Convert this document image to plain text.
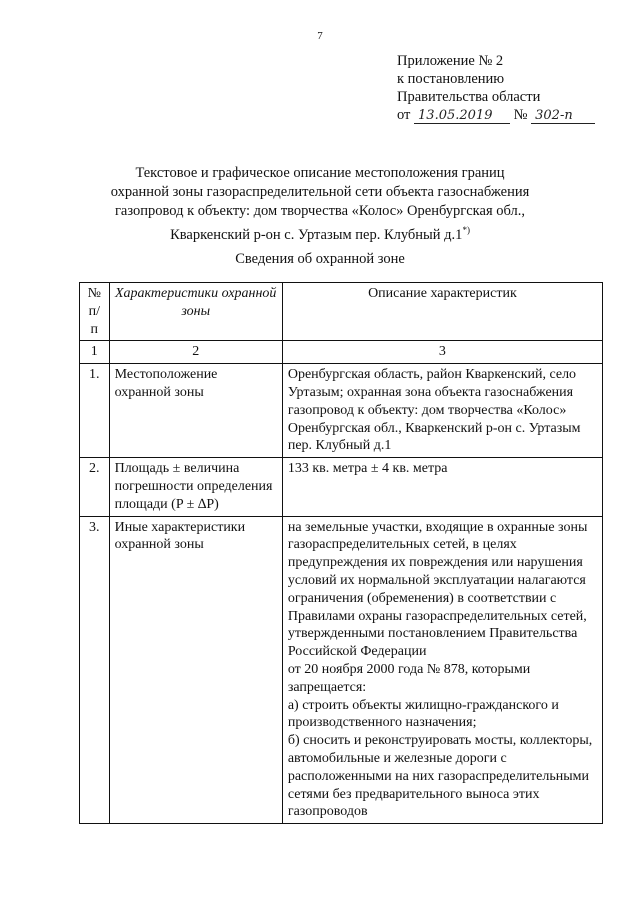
7
Приложение № 2
к постановлению
Правительства области
от 13.05.2019 № 302-п
Текстовое и графическое описание местоположения границ
охранной зоны газораспределительной сети объекта газоснабжения
газопровод к объекту: дом творчества «Колос» Оренбургская обл.,
Кваркенский р-он с. Уртазым пер. Клубный д.1*)
Сведения об охранной зоне
№ п/п	Характеристики охранной зоны	Описание характеристик
1	2	3
1.	Местоположение охранной зоны	Оренбургская область, район Кваркенский, село Уртазым; охранная зона объекта газоснабжения газопровод к объекту: дом творчества «Колос» Оренбургская обл., Кваркенский р-он с. Уртазым пер. Клубный д.1
2.	Площадь ± величина погрешности определения площади (P ± ∆P)	133 кв. метра ± 4 кв. метра
3.	Иные характеристики охранной зоны	на земельные участки, входящие в охранные зоны газораспределительных сетей, в целях предупреждения их повреждения или нарушения условий их нормальной эксплуатации налагаются ограничения (обременения) в соответствии с Правилами охраны газораспределительных сетей, утвержденными постановлением Правительства Российской Федерации
от 20 ноября 2000 года № 878, которыми запрещается:
а) строить объекты жилищно-гражданского и производственного назначения;
б) сносить и реконструировать мосты, коллекторы, автомобильные и железные дороги с расположенными на них газораспределительными сетями без предварительного выноса этих газопроводов
